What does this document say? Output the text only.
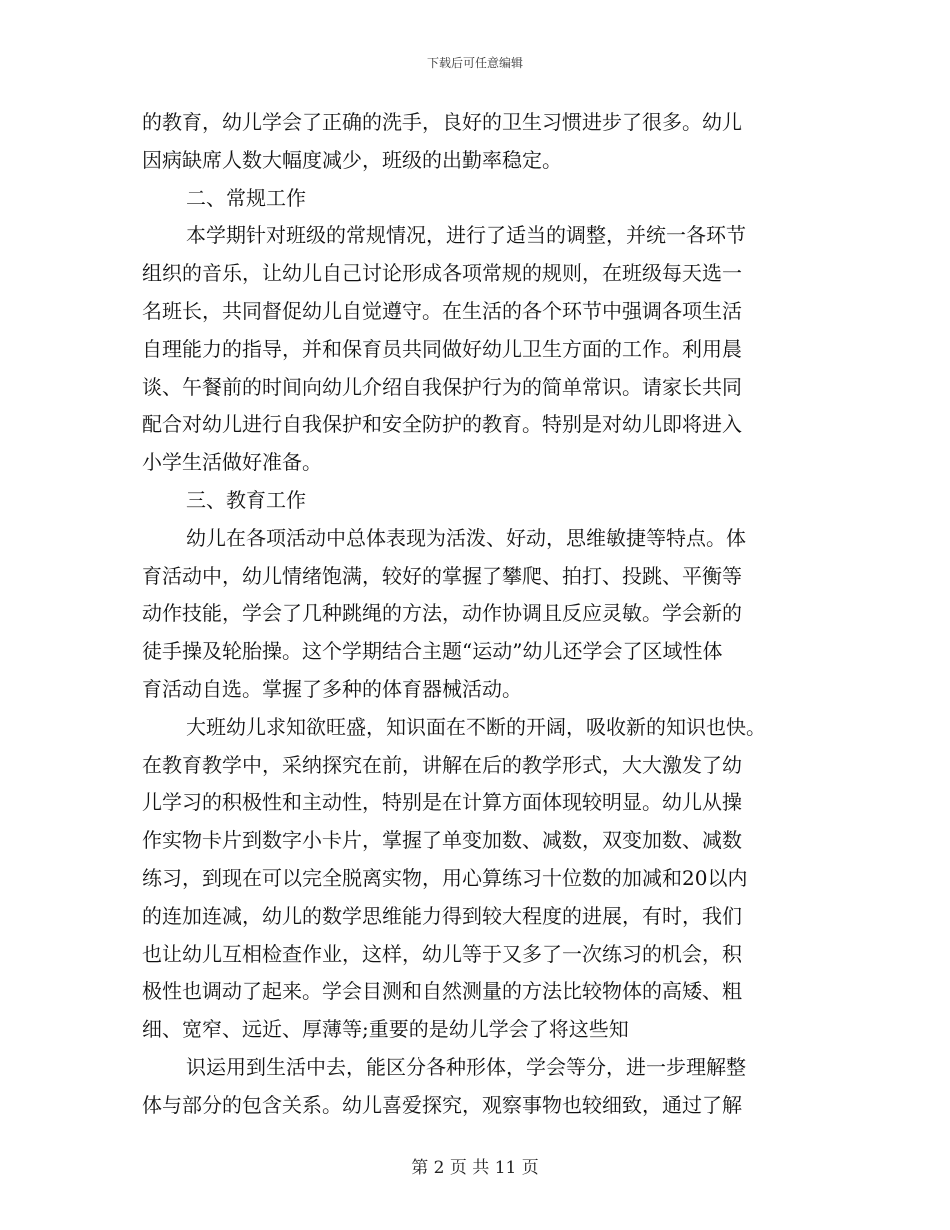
下载后可任意编辑
的教育，幼儿学会了正确的洗手，良好的卫生习惯进步了很多。幼儿
因病缺席人数大幅度减少，班级的出勤率稳定。
二、常规工作
本学期针对班级的常规情况，进行了适当的调整，并统一各环节
组织的音乐，让幼儿自己讨论形成各项常规的规则，在班级每天选一
名班长，共同督促幼儿自觉遵守。在生活的各个环节中强调各项生活
自理能力的指导，并和保育员共同做好幼儿卫生方面的工作。利用晨
谈、午餐前的时间向幼儿介绍自我保护行为的简单常识。请家长共同
配合对幼儿进行自我保护和安全防护的教育。特别是对幼儿即将进入
小学生活做好准备。
三、教育工作
幼儿在各项活动中总体表现为活泼、好动，思维敏捷等特点。体
育活动中，幼儿情绪饱满，较好的掌握了攀爬、拍打、投跳、平衡等
动作技能，学会了几种跳绳的方法，动作协调且反应灵敏。学会新的
徒手操及轮胎操。这个学期结合主题“运动”幼儿还学会了区域性体
育活动自选。掌握了多种的体育器械活动。
大班幼儿求知欲旺盛，知识面在不断的开阔，吸收新的知识也快。
在教育教学中，采纳探究在前，讲解在后的教学形式，大大激发了幼
儿学习的积极性和主动性，特别是在计算方面体现较明显。幼儿从操
作实物卡片到数字小卡片，掌握了单变加数、减数，双变加数、减数
练习，到现在可以完全脱离实物，用心算练习十位数的加减和20以内
的连加连减，幼儿的数学思维能力得到较大程度的进展，有时，我们
也让幼儿互相检查作业，这样，幼儿等于又多了一次练习的机会，积
极性也调动了起来。学会目测和自然测量的方法比较物体的高矮、粗
细、宽窄、远近、厚薄等;重要的是幼儿学会了将这些知
识运用到生活中去，能区分各种形体，学会等分，进一步理解整
体与部分的包含关系。幼儿喜爱探究，观察事物也较细致，通过了解
第 2 页 共 11 页
